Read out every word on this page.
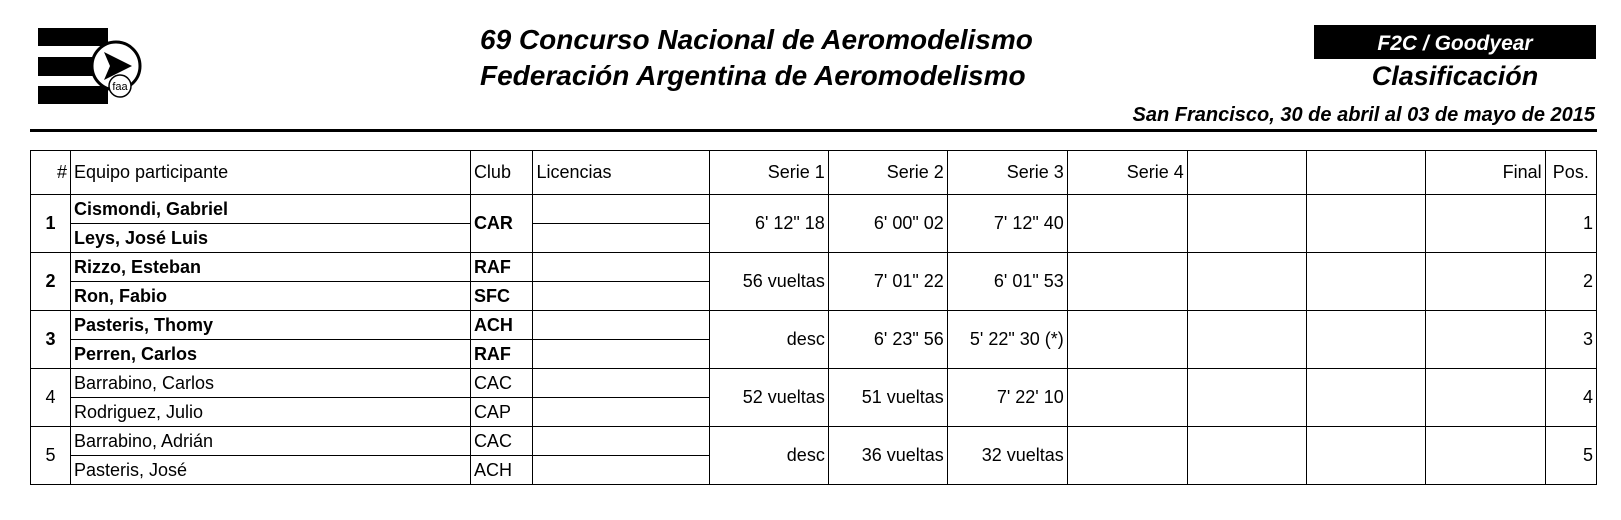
faa
69 Concurso Nacional de Aeromodelismo
Federación Argentina de Aeromodelismo
F2C / Goodyear
Clasificación
San Francisco, 30 de abril al 03 de mayo de 2015
#	Equipo participante	Club	Licencias	Serie 1	Serie 2	Serie 3	Serie 4			Final	Pos.
1	Cismondi, Gabriel	CAR		6' 12" 18	6' 00" 02	7' 12" 40					1
	Leys, José Luis										
2	Rizzo, Esteban	RAF		56 vueltas	7' 01" 22	6' 01" 53					2
	Ron, Fabio	SFC									
3	Pasteris, Thomy	ACH		desc	6' 23" 56	5' 22" 30 (*)					3
	Perren, Carlos	RAF									
4	Barrabino, Carlos	CAC		52 vueltas	51 vueltas	7' 22' 10					4
	Rodriguez, Julio	CAP									
5	Barrabino, Adrián	CAC		desc	36 vueltas	32 vueltas					5
	Pasteris, José	ACH									
